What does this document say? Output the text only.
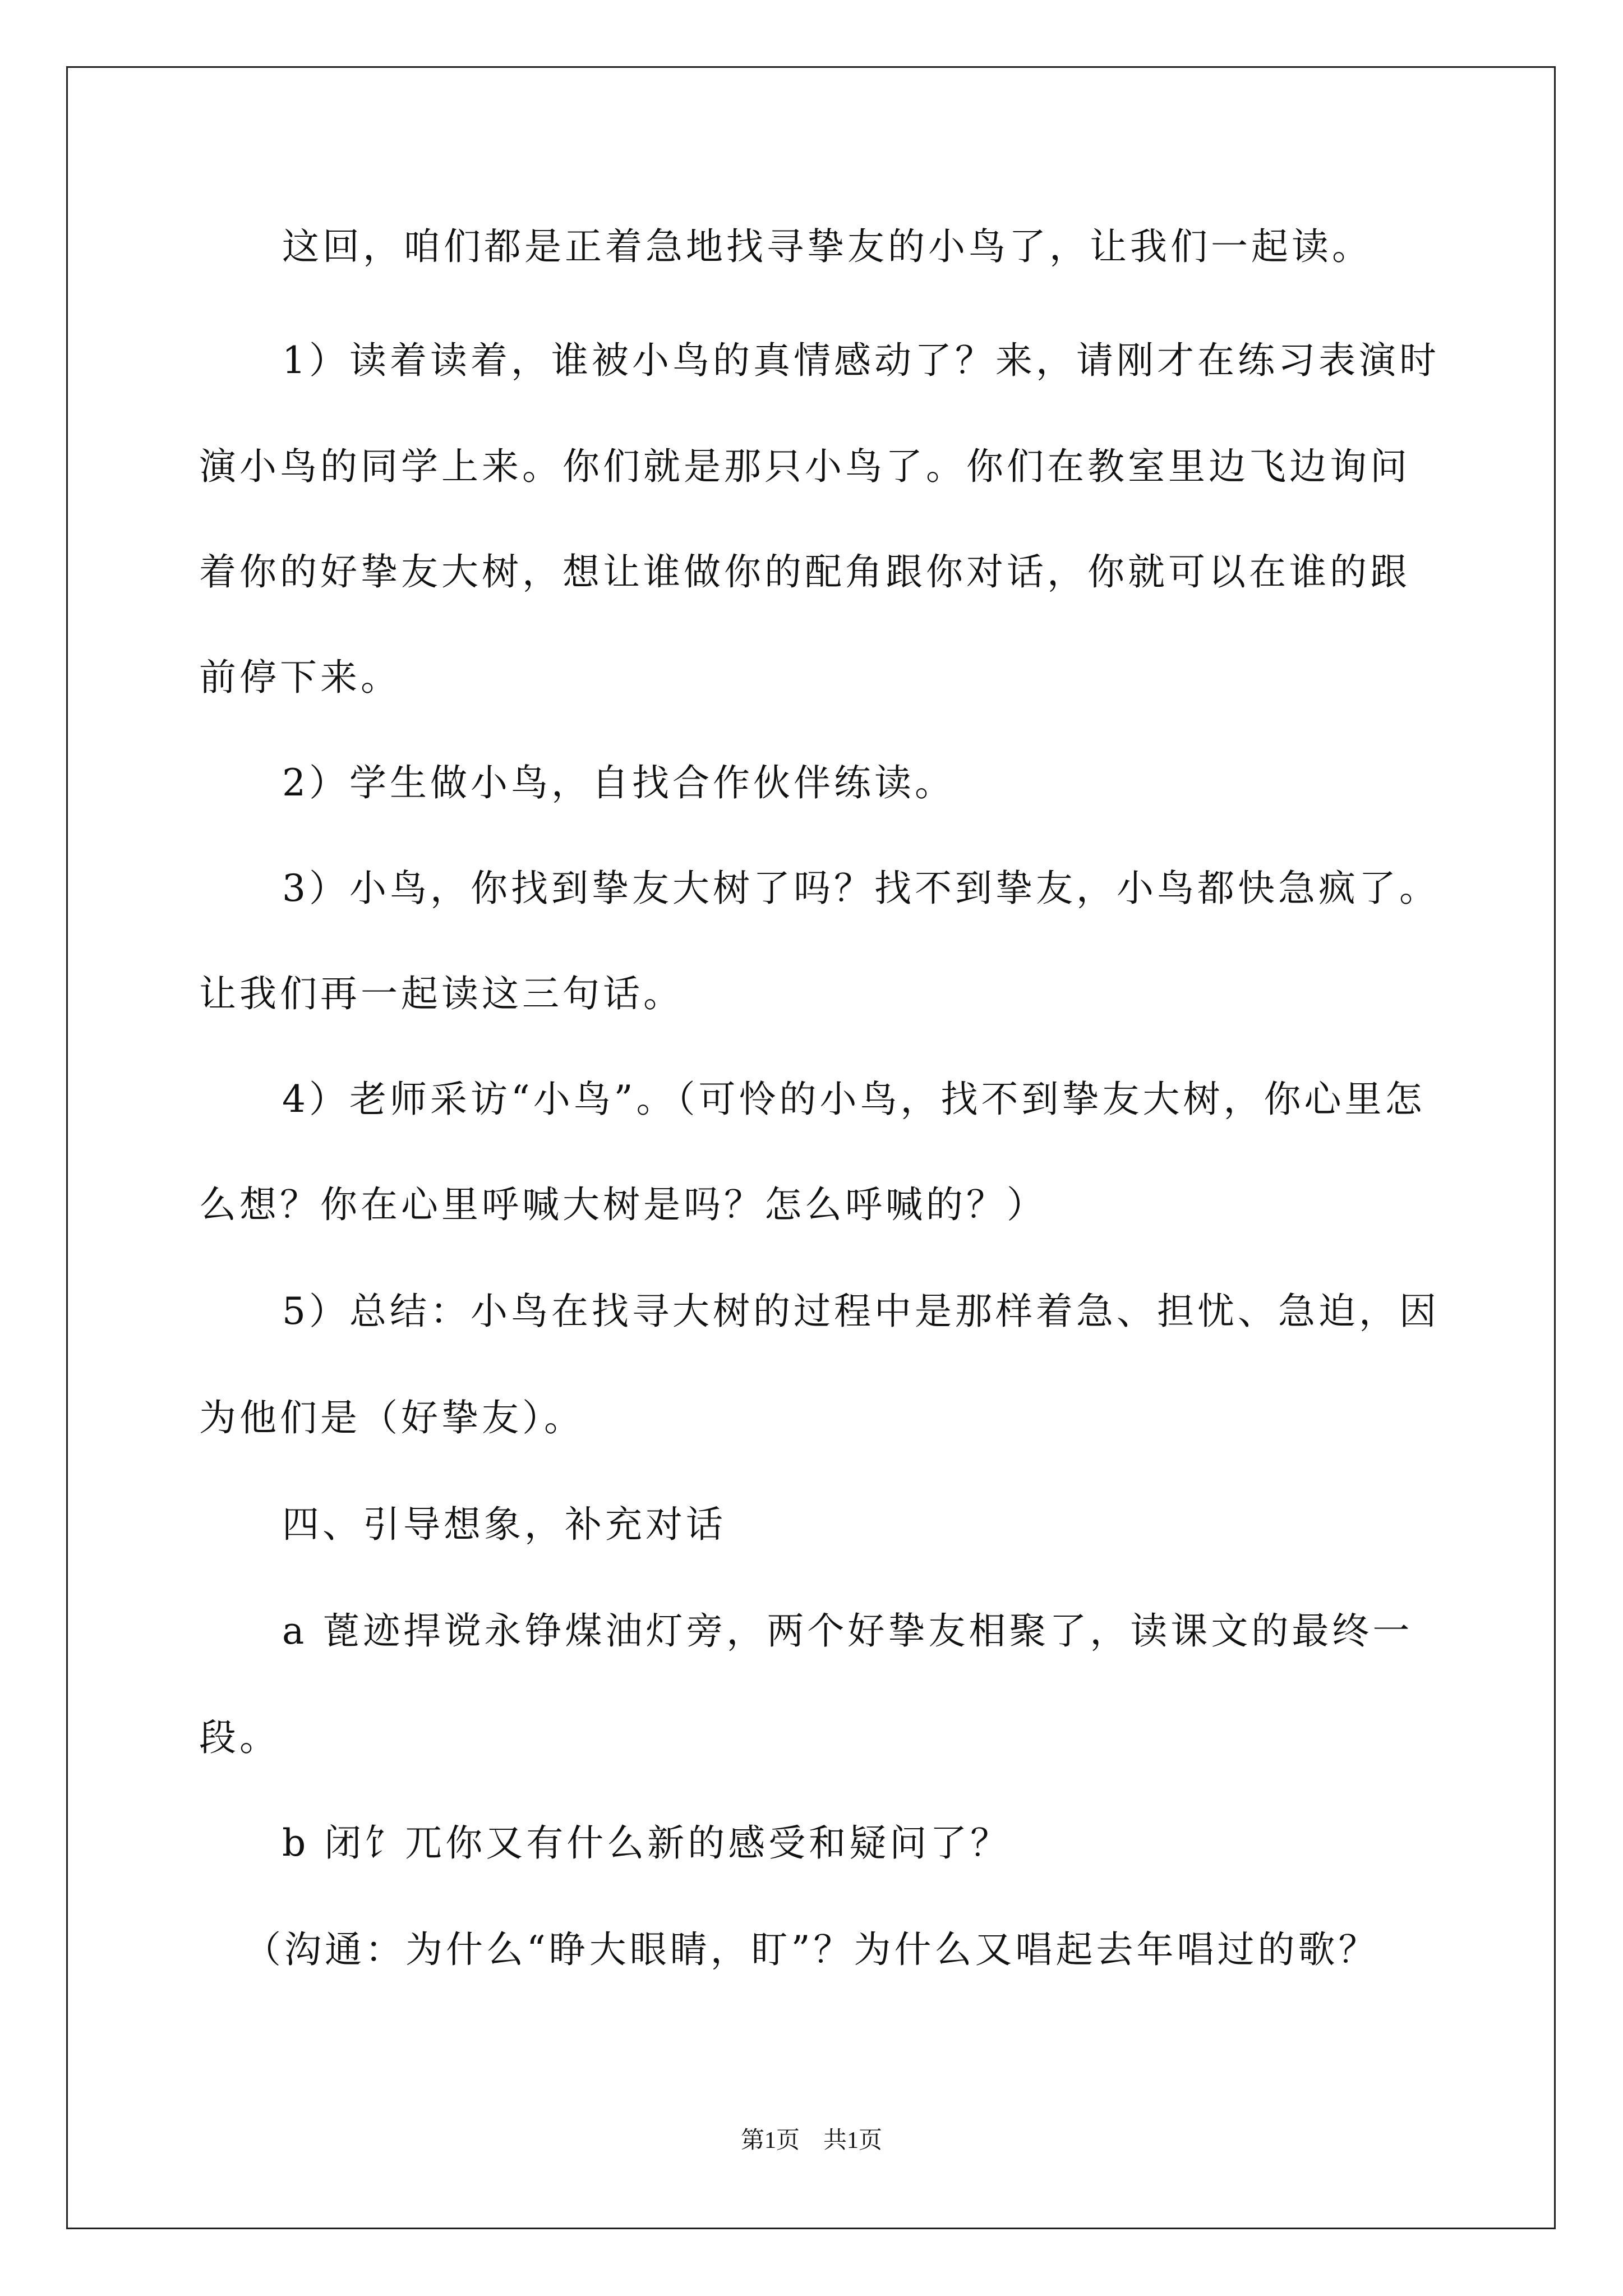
这回，咱们都是正着急地找寻挚友的小鸟了，让我们一起读。
1）读着读着，谁被小鸟的真情感动了？来，请刚才在练习表演时
演小鸟的同学上来。你们就是那只小鸟了。你们在教室里边飞边询问
着你的好挚友大树，想让谁做你的配角跟你对话，你就可以在谁的跟
前停下来。
2）学生做小鸟，自找合作伙伴练读。
3）小鸟，你找到挚友大树了吗？找不到挚友，小鸟都快急疯了。
让我们再一起读这三句话。
4）老师采访“小鸟”。（可怜的小鸟，找不到挚友大树，你心里怎
么想？你在心里呼喊大树是吗？怎么呼喊的？）
5）总结：小鸟在找寻大树的过程中是那样着急、担忧、急迫，因
为他们是（好挚友）。
四、引导想象，补充对话
a 蓖迹捍谠永铮煤油灯旁，两个好挚友相聚了，读课文的最终一
段。
b 闭饣兀你又有什么新的感受和疑问了？
（沟通：为什么“睁大眼睛，盯”？为什么又唱起去年唱过的歌？
第1页　共1页
